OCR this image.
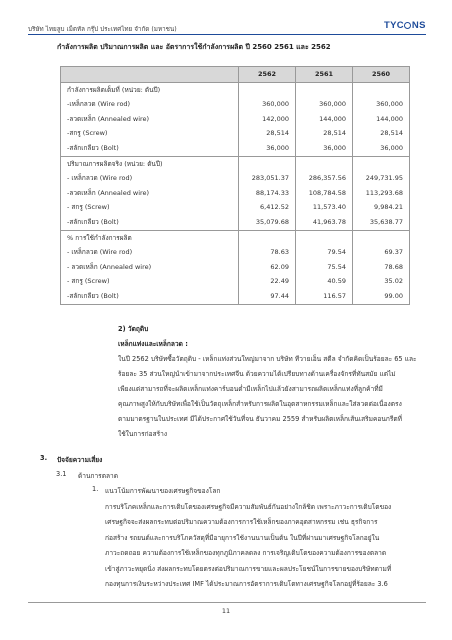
บริษัท ไทยลูบ เม็ตทัล กรุ๊ป ประเทศไทย จำกัด (มหาชน)	TYC NS
กำลังการผลิต ปริมาณการผลิต และ อัตราการใช้กำลังการผลิต ปี 2560 2561 และ 2562
	2562	2561	2560
กำลังการผลิตเต็มที่ (หน่วย: ตันปี)			
-เหล็กลวด (Wire rod)	360,000	360,000	360,000
-ลวดเหล็ก (Annealed wire)	142,000	144,000	144,000
-สกรู (Screw)	28,514	28,514	28,514
-สลักเกลียว (Bolt)	36,000	36,000	36,000
ปริมาณการผลิตจริง (หน่วย: ตันปี)			
- เหล็กลวด (Wire rod)	283,051.37	286,357.56	249,731.95
-ลวดเหล็ก (Annealed wire)	88,174.33	108,784.58	113,293.68
- สกรู (Screw)	6,412.52	11,573.40	9,984.21
-สลักเกลียว (Bolt)	35,079.68	41,963.78	35,638.77
% การใช้กำลังการผลิต			
- เหล็กลวด (Wire rod)	78.63	79.54	69.37
- ลวดเหล็ก (Annealed wire)	62.09	75.54	78.68
- สกรู (Screw)	22.49	40.59	35.02
-สลักเกลียว (Bolt)	97.44	116.57	99.00
2) วัตถุดิบ
เหล็กแท่งและเหล็กลวด :
ในปี 2562 บริษัทซื้อวัตถุดิบ - เหล็กแท่งส่วนใหญ่มาจาก บริษัท ทีวายเอ็น สตีล จำกัดคิดเป็นร้อยละ 65 และ
ร้อยละ 35 ส่วนใหญ่นำเข้ามาจากประเทศจีน ด้วยความได้เปรียบทางด้านเครื่องจักรที่ทันสมัย แต่ไม่
เพียงแต่สามารถที่จะผลิตเหล็กแท่งคาร์บอนต่ำมีเหล็กไปแล้วยังสามารถผลิตเหล็กแท่งที่ลูกค้าที่มี
คุณภาพสูงให้กับบริษัทเพื่อใช้เป็นวัตถุเหล็กสำหรับการผลิตในอุตสาหกรรมเหล็กและใส่ลวดต่อเนื่องตรง
ตามมาตรฐานในประเทศ มีได้ประกาศใช้วันที่จน ธันวาคม 2559 สำหรับผลิตเหล็กเส้นเสริมคอนกรีตที่
ใช้ในการก่อสร้าง
3. ปัจจัยความเสี่ยง
3.1 ด้านการตลาด
1. แนวโน้มการพัฒนาของเศรษฐกิจของโลก
การบริโภคเหล็กและการเติบโตของเศรษฐกิจมีความสัมพันธ์กันอย่างใกล้ชิด เพราะภาวะการเติบโตของ
เศรษฐกิจจะส่งผลกระทบต่อปริมาณความต้องการการใช้เหล็กของภาคอุตสาหกรรม เช่น ธุรกิจการ
ก่อสร้าง รถยนต์และการบริโภควัสดุที่มีอายุการใช้งานนานเป็นต้น ในปีที่ผ่านมาเศรษฐกิจโลกอยู่ใน
ภาวะถดถอย ความต้องการใช้เหล็กของทุกภูมิภาคลดลง การเจริญเติบโตของความต้องการของตลาด
เข้าสู่ภาวะหยุดนิ่ง ส่งผลกระทบโดยตรงต่อปริมาณการขายและผลประโยชน์ในการขายของบริษัทตามที่
กองทุนการเงินระหว่างประเทศ IMF ได้ประมาณการอัตราการเติบโตทางเศรษฐกิจโลกอยู่ที่ร้อยละ 3.6
11
